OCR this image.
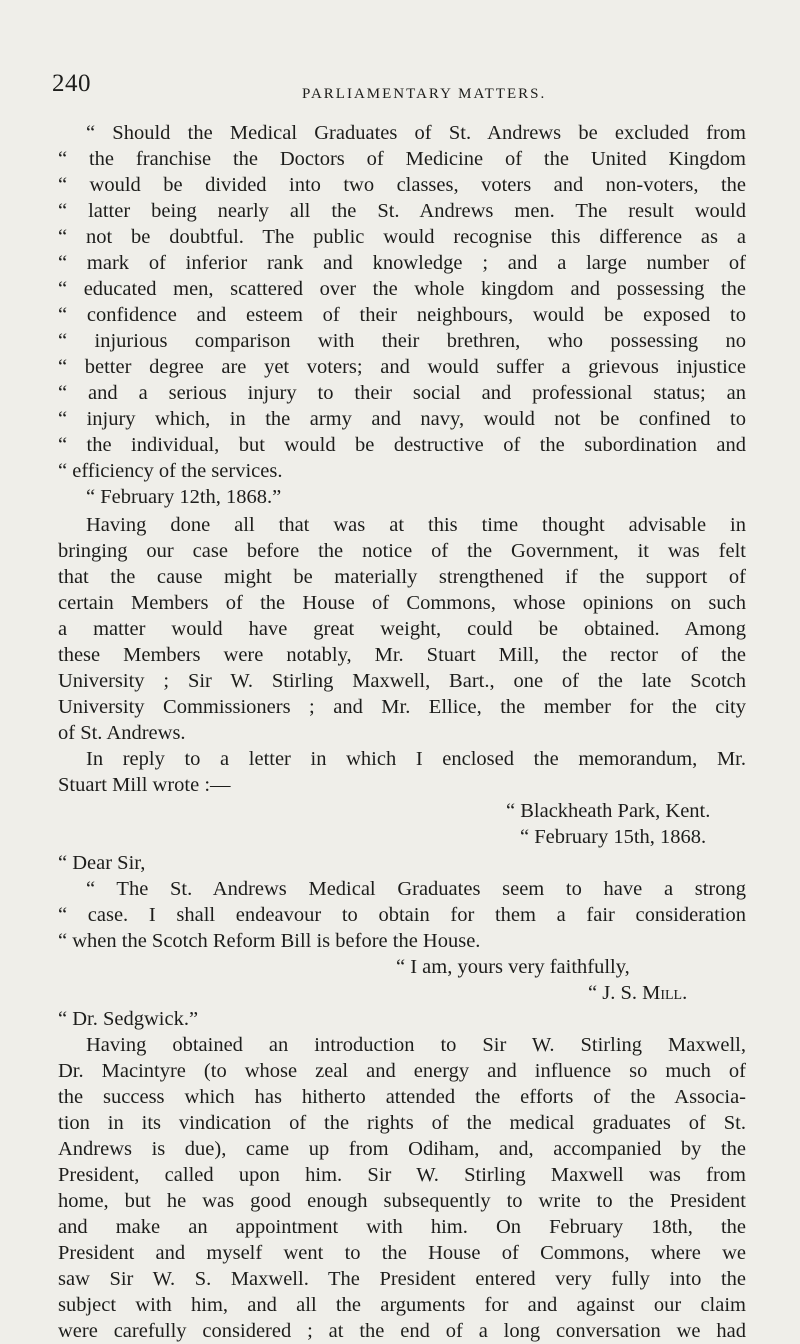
240	PARLIAMENTARY MATTERS.
“ Should the Medical Graduates of St. Andrews be excluded from
“ the franchise the Doctors of Medicine of the United Kingdom
“ would be divided into two classes, voters and non-voters, the
“ latter being nearly all the St. Andrews men. The result would
“ not be doubtful. The public would recognise this difference as a
“ mark of inferior rank and knowledge ; and a large number of
“ educated men, scattered over the whole kingdom and possessing the
“ confidence and esteem of their neighbours, would be exposed to
“ injurious comparison with their brethren, who possessing no
“ better degree are yet voters; and would suffer a grievous injustice
“ and a serious injury to their social and professional status; an
“ injury which, in the army and navy, would not be confined to
“ the individual, but would be destructive of the subordination and
“ efficiency of the services.
“ February 12th, 1868.”
Having done all that was at this time thought advisable in
bringing our case before the notice of the Government, it was felt
that the cause might be materially strengthened if the support of
certain Members of the House of Commons, whose opinions on such
a matter would have great weight, could be obtained. Among
these Members were notably, Mr. Stuart Mill, the rector of the
University ; Sir W. Stirling Maxwell, Bart., one of the late Scotch
University Commissioners ; and Mr. Ellice, the member for the city
of St. Andrews.
In reply to a letter in which I enclosed the memorandum, Mr.
Stuart Mill wrote :—
“ Blackheath Park, Kent.
“ February 15th, 1868.
“ Dear Sir,
“ The St. Andrews Medical Graduates seem to have a strong
“ case. I shall endeavour to obtain for them a fair consideration
“ when the Scotch Reform Bill is before the House.
“ I am, yours very faithfully,
“ J. S. Mill.
“ Dr. Sedgwick.”
Having obtained an introduction to Sir W. Stirling Maxwell,
Dr. Macintyre (to whose zeal and energy and influence so much of
the success which has hitherto attended the efforts of the Associa-
tion in its vindication of the rights of the medical graduates of St.
Andrews is due), came up from Odiham, and, accompanied by the
President, called upon him. Sir W. Stirling Maxwell was from
home, but he was good enough subsequently to write to the President
and make an appointment with him. On February 18th, the
President and myself went to the House of Commons, where we
saw Sir W. S. Maxwell. The President entered very fully into the
subject with him, and all the arguments for and against our claim
were carefully considered ; at the end of a long conversation we had
